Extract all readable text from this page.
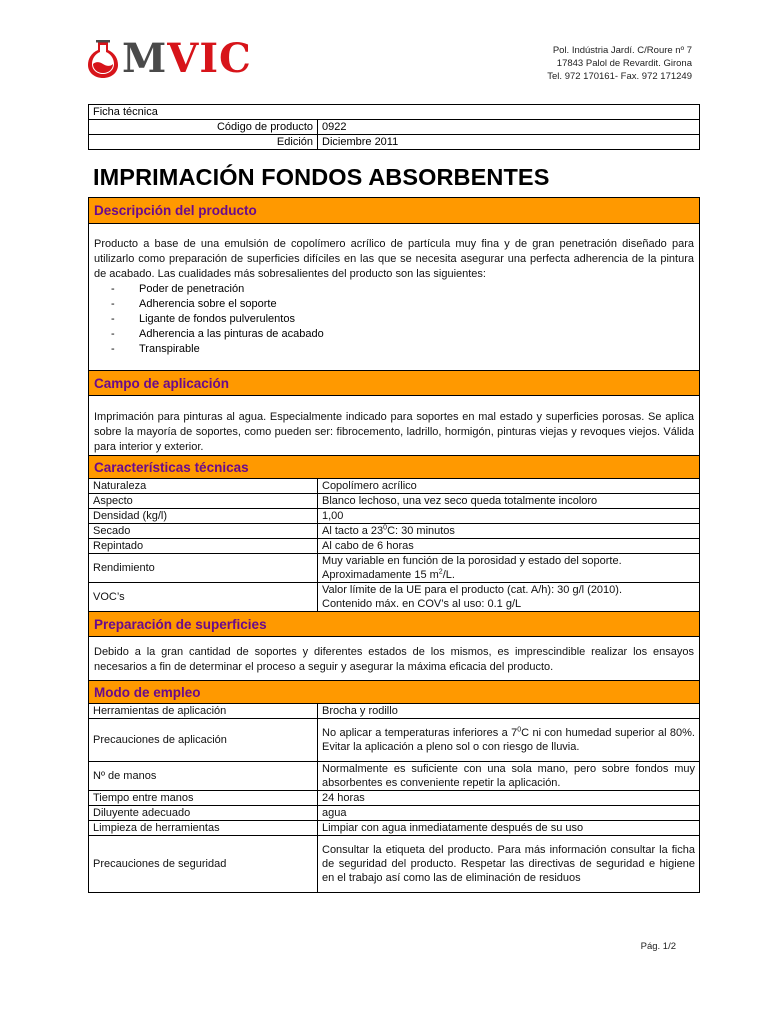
MVIC	Pol. Indústria Jardí. C/Roure nº 7
17843 Palol de Revardit. Girona
Tel. 972 170161- Fax. 972 171249
Ficha técnica	
Código de producto	0922
Edición	Diciembre 2011
IMPRIMACIÓN FONDOS ABSORBENTES
Descripción del producto
Producto a base de una emulsión de copolímero acrílico de partícula muy fina y de gran penetración diseñado para utilizarlo como preparación de superficies difíciles en las que se necesita asegurar una perfecta adherencia de la pintura de acabado. Las cualidades más sobresalientes del producto son las siguientes:
- Poder de penetración
- Adherencia sobre el soporte
- Ligante de fondos pulverulentos
- Adherencia a las pinturas de acabado
- Transpirable
Campo de aplicación
Imprimación para pinturas al agua. Especialmente indicado para soportes en mal estado y superficies porosas. Se aplica sobre la mayoría de soportes, como pueden ser: fibrocemento, ladrillo, hormigón, pinturas viejas y revoques viejos. Válida para interior y exterior.
Características técnicas
Naturaleza	Copolímero acrílico
Aspecto	Blanco lechoso, una vez seco queda totalmente incoloro
Densidad (kg/l)	1,00
Secado	Al tacto a $23^0C$: 30 minutos
Repintado	Al cabo de 6 horas
Rendimiento	Muy variable en función de la porosidad y estado del soporte.
Aproximadamente 15 $m^2/L$.

VOC’s	Valor límite de la UE para el producto (cat. A/h): 30 g/l (2010).
Contenido máx. en COV’s al uso: 0.1 g/L
Preparación de superficies
Debido a la gran cantidad de soportes y diferentes estados de los mismos, es imprescindible realizar los ensayos necesarios a fin de determinar el proceso a seguir y asegurar la máxima eficacia del producto.
Modo de empleo
Herramientas de aplicación	Brocha y rodillo
Precauciones de aplicación	No aplicar a temperaturas inferiores a $7^0C$ ni con humedad superior al 80%. Evitar la aplicación a pleno sol o con riesgo de lluvia.
Nº de manos	Normalmente es suficiente con una sola mano, pero sobre fondos muy absorbentes es conveniente repetir la aplicación.
Tiempo entre manos	24 horas
Diluyente adecuado	agua
Limpieza de herramientas	Limpiar con agua inmediatamente después de su uso
Precauciones de seguridad	Consultar la etiqueta del producto. Para más información consultar la ficha de seguridad del producto. Respetar las directivas de seguridad e higiene en el trabajo así como las de eliminación de residuos
Pág. 1/2
